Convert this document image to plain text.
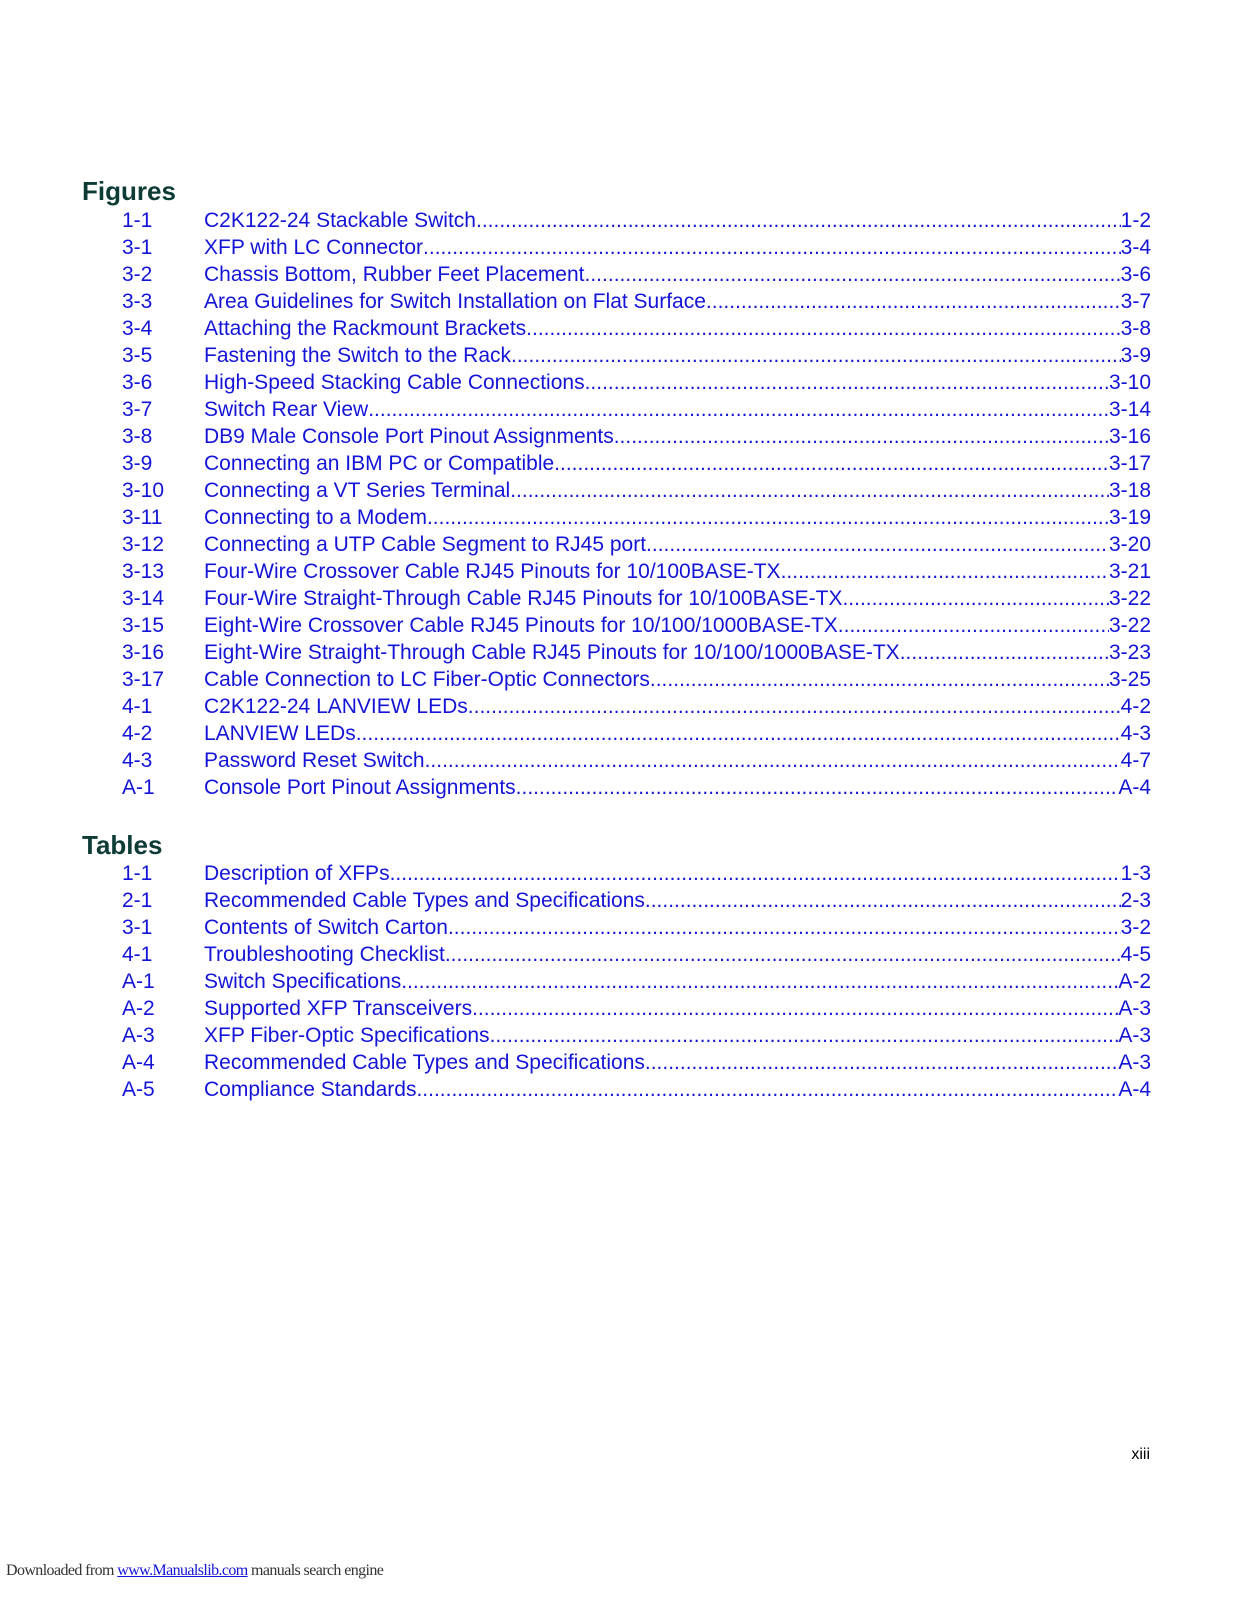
Figures
1-1 C2K122-24 Stackable Switch .....	1-2
3-1 XFP with LC Connector .....	3-4
3-2 Chassis Bottom, Rubber Feet Placement .....	3-6
3-3 Area Guidelines for Switch Installation on Flat Surface .....	3-7
3-4 Attaching the Rackmount Brackets .....	3-8
3-5 Fastening the Switch to the Rack .....	3-9
3-6 High-Speed Stacking Cable Connections .....	3-10
3-7 Switch Rear View .....	3-14
3-8 DB9 Male Console Port Pinout Assignments .....	3-16
3-9 Connecting an IBM PC or Compatible .....	3-17
3-10 Connecting a VT Series Terminal .....	3-18
3-11 Connecting to a Modem .....	3-19
3-12 Connecting a UTP Cable Segment to RJ45 port .....	3-20
3-13 Four-Wire Crossover Cable RJ45 Pinouts for 10/100BASE-TX .....	3-21
3-14 Four-Wire Straight-Through Cable RJ45 Pinouts for 10/100BASE-TX .....	3-22
3-15 Eight-Wire Crossover Cable RJ45 Pinouts for 10/100/1000BASE-TX .....	3-22
3-16 Eight-Wire Straight-Through Cable RJ45 Pinouts for 10/100/1000BASE-TX .....	3-23
3-17 Cable Connection to LC Fiber-Optic Connectors .....	3-25
4-1 C2K122-24 LANVIEW LEDs .....	4-2
4-2 LANVIEW LEDs .....	4-3
4-3 Password Reset Switch .....	4-7
A-1 Console Port Pinout Assignments .....	A-4
Tables
1-1 Description of XFPs .....	1-3
2-1 Recommended Cable Types and Specifications .....	2-3
3-1 Contents of Switch Carton .....	3-2
4-1 Troubleshooting Checklist .....	4-5
A-1 Switch Specifications .....	A-2
A-2 Supported XFP Transceivers .....	A-3
A-3 XFP Fiber-Optic Specifications .....	A-3
A-4 Recommended Cable Types and Specifications .....	A-3
A-5 Compliance Standards .....	A-4
xiii
Downloaded from www.Manualslib.com manuals search engine
